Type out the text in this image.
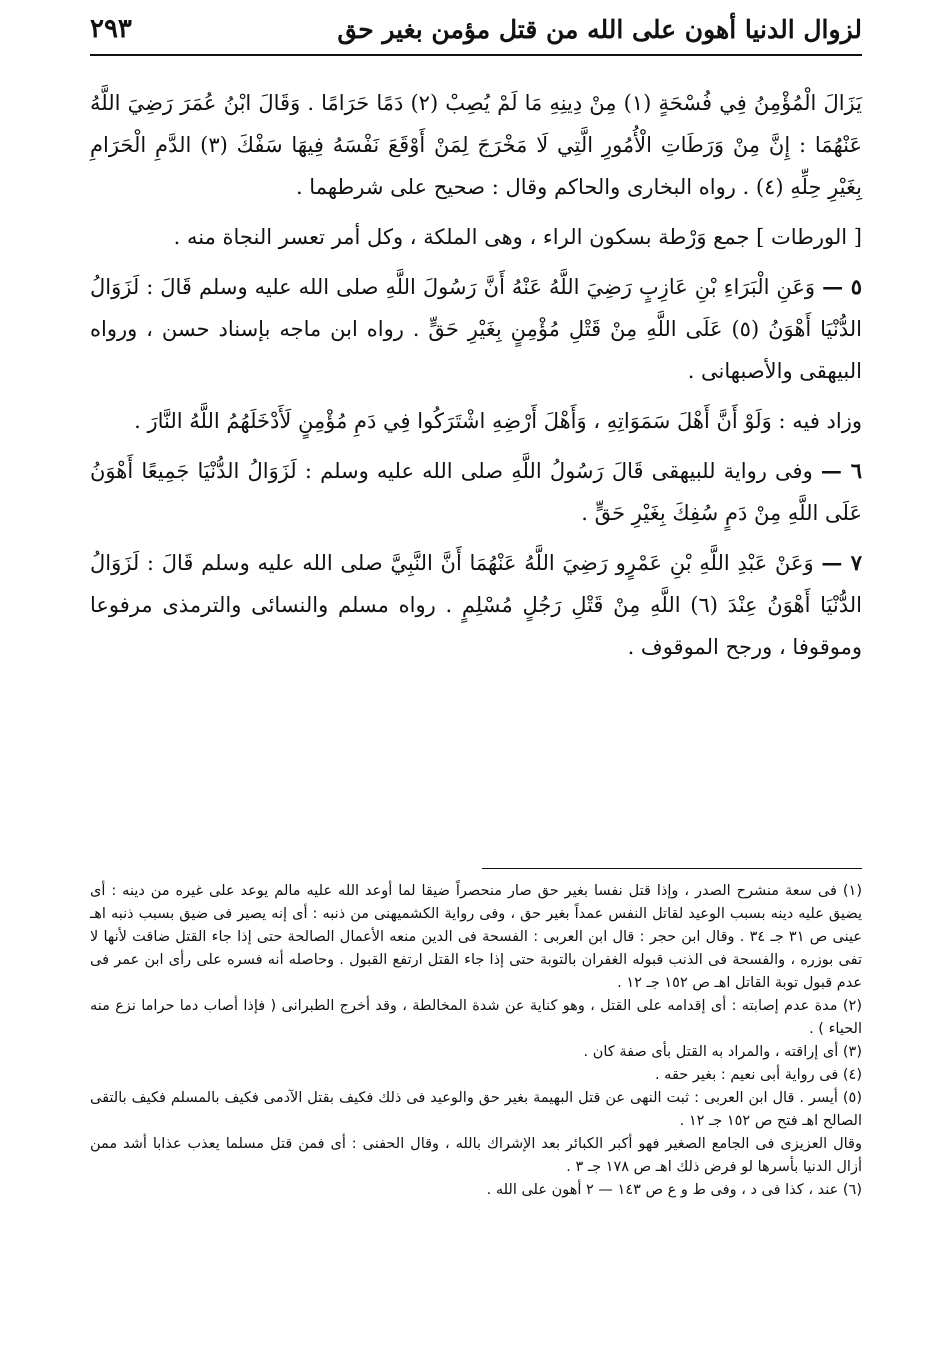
لزوال الدنيا أهون على الله من قتل مؤمن بغير حق
٢٩٣

يَزَالَ الْمُؤْمِنُ فِي فُسْحَةٍ (١) مِنْ دِينِهِ مَا لَمْ يُصِبْ (٢) دَمًا حَرَامًا . وَقَالَ ابْنُ عُمَرَ رَضِيَ اللَّهُ عَنْهُمَا : إِنَّ مِنْ وَرَطَاتِ الْأُمُورِ الَّتِي لَا مَخْرَجَ لِمَنْ أَوْقَعَ نَفْسَهُ فِيهَا سَفْكَ (٣) الدَّمِ الْحَرَامِ بِغَيْرِ حِلِّهِ (٤) . رواه البخارى والحاكم وقال : صحيح على شرطهما .

[ الورطات ] جمع وَرْطة بسكون الراء ، وهى الملكة ، وكل أمر تعسر النجاة منه .

٥ — وَعَنِ الْبَرَاءِ بْنِ عَازِبٍ رَضِيَ اللَّهُ عَنْهُ أَنَّ رَسُولَ اللَّهِ صلى الله عليه وسلم قَالَ : لَزَوَالُ الدُّنْيَا أَهْوَنُ (٥) عَلَى اللَّهِ مِنْ قَتْلِ مُؤْمِنٍ بِغَيْرِ حَقٍّ . رواه ابن ماجه بإسناد حسن ، ورواه البيهقى والأصبهانى .

وزاد فيه : وَلَوْ أَنَّ أَهْلَ سَمَوَاتِهِ ، وَأَهْلَ أَرْضِهِ اشْتَرَكُوا فِي دَمِ مُؤْمِنٍ لَأَدْخَلَهُمُ اللَّهُ النَّارَ .

٦ — وفى رواية للبيهقى قَالَ رَسُولُ اللَّهِ صلى الله عليه وسلم : لَزَوَالُ الدُّنْيَا جَمِيعًا أَهْوَنُ عَلَى اللَّهِ مِنْ دَمٍ سُفِكَ بِغَيْرِ حَقٍّ .

٧ — وَعَنْ عَبْدِ اللَّهِ بْنِ عَمْرٍو رَضِيَ اللَّهُ عَنْهُمَا أَنَّ النَّبِيَّ صلى الله عليه وسلم قَالَ : لَزَوَالُ الدُّنْيَا أَهْوَنُ عِنْدَ (٦) اللَّهِ مِنْ قَتْلِ رَجُلٍ مُسْلِمٍ . رواه مسلم والنسائى والترمذى مرفوعا وموقوفا ، ورجح الموقوف .

(١) فى سعة منشرح الصدر ، وإذا قتل نفسا بغير حق صار منحصراً ضيقا لما أوعد الله عليه مالم يوعد على غيره من دينه : أى يضيق عليه دينه بسبب الوعيد لقاتل النفس عمداً بغير حق ، وفى رواية الكشميهنى من ذنبه : أى إنه يصير فى ضيق بسبب ذنبه اهـ عينى ص ٣١ جـ ٣٤ . وقال ابن حجر : قال ابن العربى : الفسحة فى الدين منعه الأعمال الصالحة حتى إذا جاء القتل ضاقت لأنها لا تفى بوزره ، والفسحة فى الذنب قبوله الغفران بالتوبة حتى إذا جاء القتل ارتفع القبول . وحاصله أنه فسره على رأى ابن عمر فى عدم قبول توبة القاتل اهـ ص ١٥٢ جـ ١٢ .

(٢) مدة عدم إصابته : أى إقدامه على القتل ، وهو كناية عن شدة المخالطة ، وقد أخرج الطبرانى ( فإذا أصاب دما حراما نزع منه الحياء ) .

(٣) أى إراقته ، والمراد به القتل بأى صفة كان .

(٤) فى رواية أبى نعيم : بغير حقه .

(٥) أيسر . قال ابن العربى : ثبت النهى عن قتل البهيمة بغير حق والوعيد فى ذلك فكيف بقتل الآدمى فكيف بالمسلم فكيف بالتقى الصالح اهـ فتح ص ١٥٢ جـ ١٢ .

وقال العزيزى فى الجامع الصغير فهو أكبر الكبائر بعد الإشراك بالله ، وقال الحفنى : أى فمن قتل مسلما يعذب عذابا أشد ممن أزال الدنيا بأسرها لو فرض ذلك اهـ ص ١٧٨ جـ ٣ .

(٦) عند ، كذا فى د ، وفى ط و ع ص ١٤٣ — ٢ أهون على الله .
